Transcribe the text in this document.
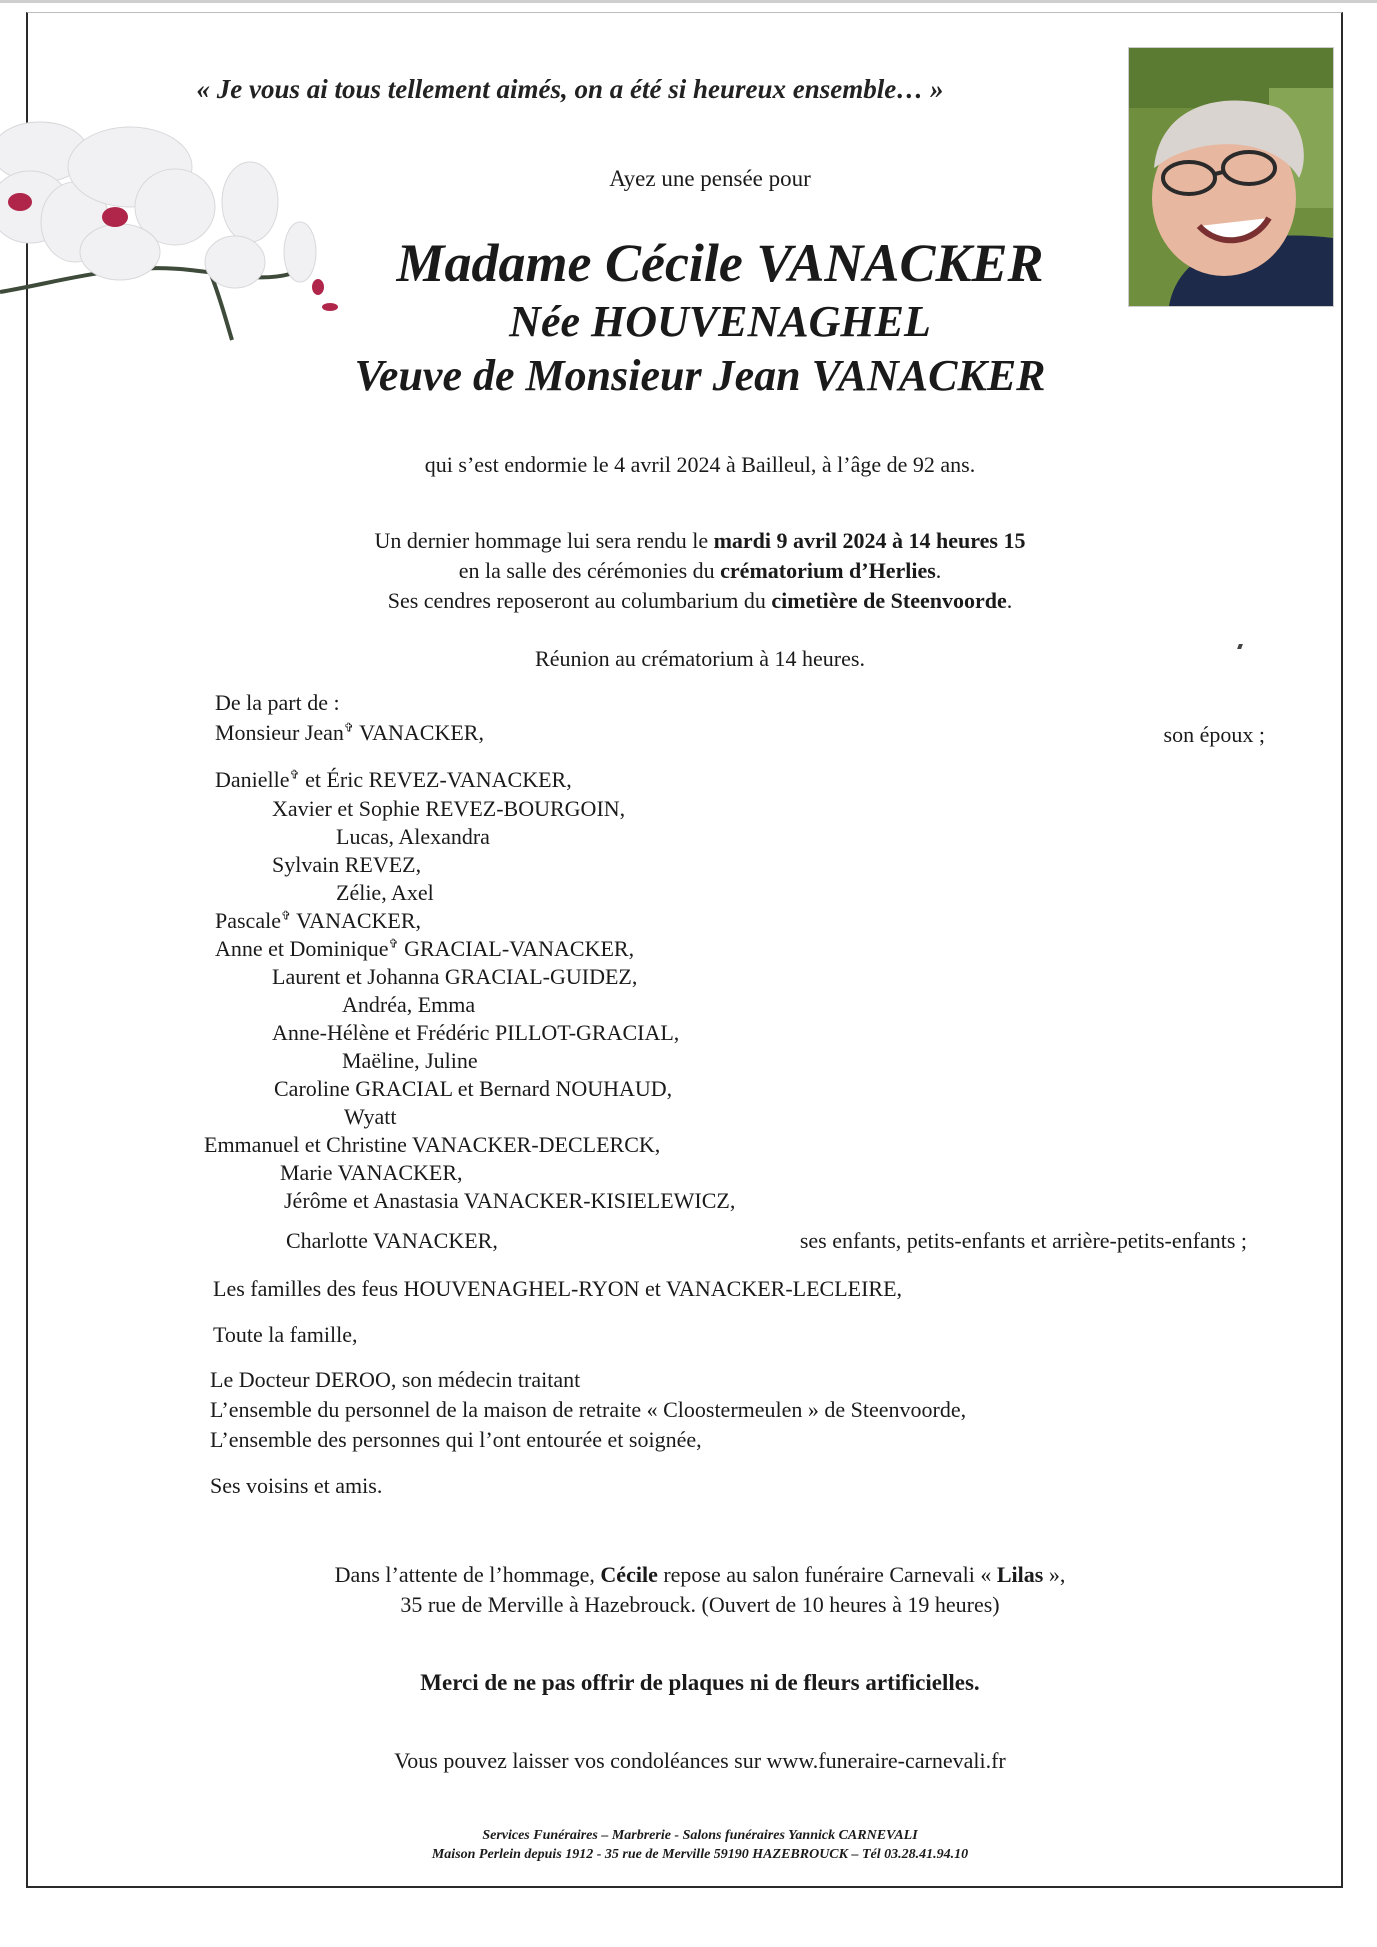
« Je vous ai tous tellement aimés, on a été si heureux ensemble… »
Ayez une pensée pour
Madame Cécile VANACKER
Née HOUVENAGHEL
Veuve de Monsieur Jean VANACKER
qui s’est endormie le 4 avril 2024 à Bailleul, à l’âge de 92 ans.
Un dernier hommage lui sera rendu le mardi 9 avril 2024 à 14 heures 15
en la salle des cérémonies du crématorium d’Herlies.
Ses cendres reposeront au columbarium du cimetière de Steenvoorde.
Réunion au crématorium à 14 heures.
De la part de :
Monsieur Jean✞ VANACKER,	son époux ;
Danielle✞ et Éric REVEZ-VANACKER,
Xavier et Sophie REVEZ-BOURGOIN,
Lucas, Alexandra
Sylvain REVEZ,
Zélie, Axel
Pascale✞ VANACKER,
Anne et Dominique✞ GRACIAL-VANACKER,
Laurent et Johanna GRACIAL-GUIDEZ,
Andréa, Emma
Anne-Hélène et Frédéric PILLOT-GRACIAL,
Maëline, Juline
Caroline GRACIAL et Bernard NOUHAUD,
Wyatt
Emmanuel et Christine VANACKER-DECLERCK,
Marie VANACKER,
Jérôme et Anastasia VANACKER-KISIELEWICZ,
Charlotte VANACKER,	ses enfants, petits-enfants et arrière-petits-enfants ;
Les familles des feus HOUVENAGHEL-RYON et VANACKER-LECLEIRE,
Toute la famille,
Le Docteur DEROO, son médecin traitant
L’ensemble du personnel de la maison de retraite « Cloostermeulen » de Steenvoorde,
L’ensemble des personnes qui l’ont entourée et soignée,
Ses voisins et amis.
Dans l’attente de l’hommage, Cécile repose au salon funéraire Carnevali « Lilas »,
35 rue de Merville à Hazebrouck. (Ouvert de 10 heures à 19 heures)
Merci de ne pas offrir de plaques ni de fleurs artificielles.
Vous pouvez laisser vos condoléances sur www.funeraire-carnevali.fr
Services Funéraires – Marbrerie - Salons funéraires Yannick CARNEVALI
Maison Perlein depuis 1912 - 35 rue de Merville 59190 HAZEBROUCK – Tél 03.28.41.94.10
